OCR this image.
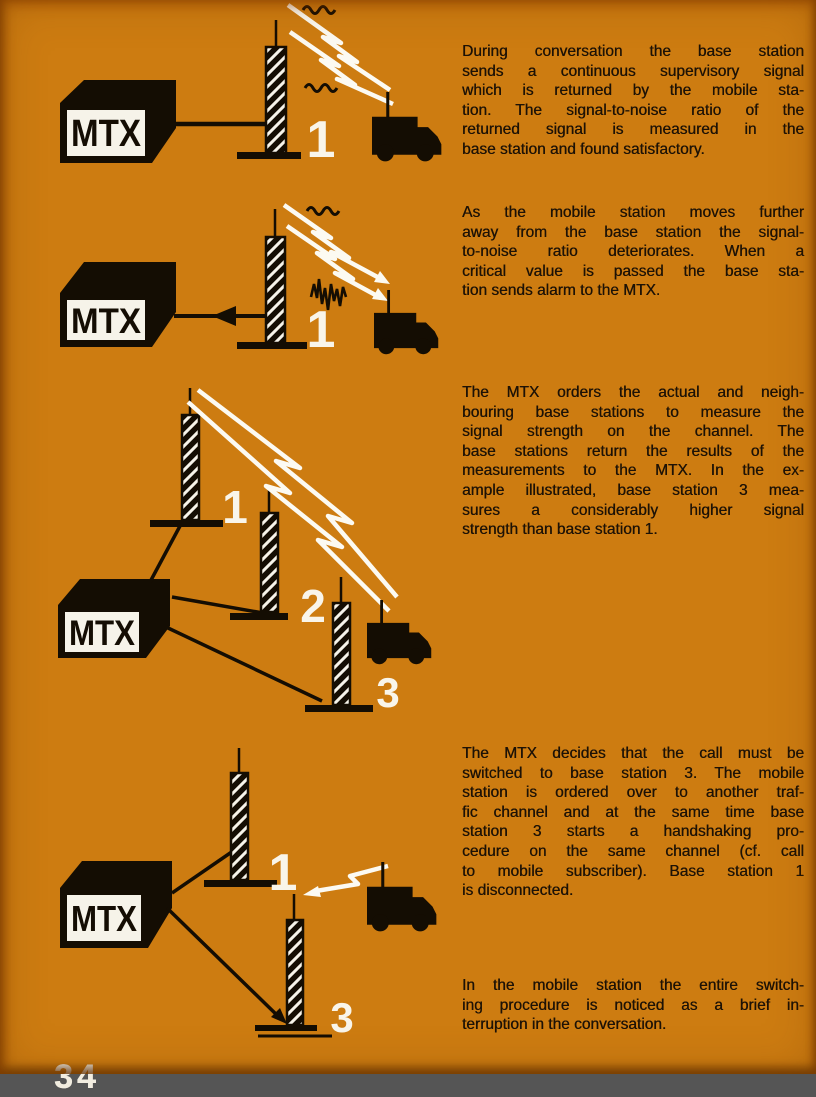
MTX	1
MTX	1
MTX
1
2
3
MTX
1
3
During conversation the base station
sends a continuous supervisory signal
which is returned by the mobile sta-
tion. The signal-to-noise ratio of the
returned signal is measured in the
base station and found satisfactory.
As the mobile station moves further
away from the base station the signal-
to-noise ratio deteriorates. When a
critical value is passed the base sta-
tion sends alarm to the MTX.
The MTX orders the actual and neigh-
bouring base stations to measure the
signal strength on the channel. The
base stations return the results of the
measurements to the MTX. In the ex-
ample illustrated, base station 3 mea-
sures a considerably higher signal
strength than base station 1.
The MTX decides that the call must be
switched to base station 3. The mobile
station is ordered over to another traf-
fic channel and at the same time base
station 3 starts a handshaking pro-
cedure on the same channel (cf. call
to mobile subscriber). Base station 1
is disconnected.
In the mobile station the entire switch-
ing procedure is noticed as a brief in-
terruption in the conversation.
34
